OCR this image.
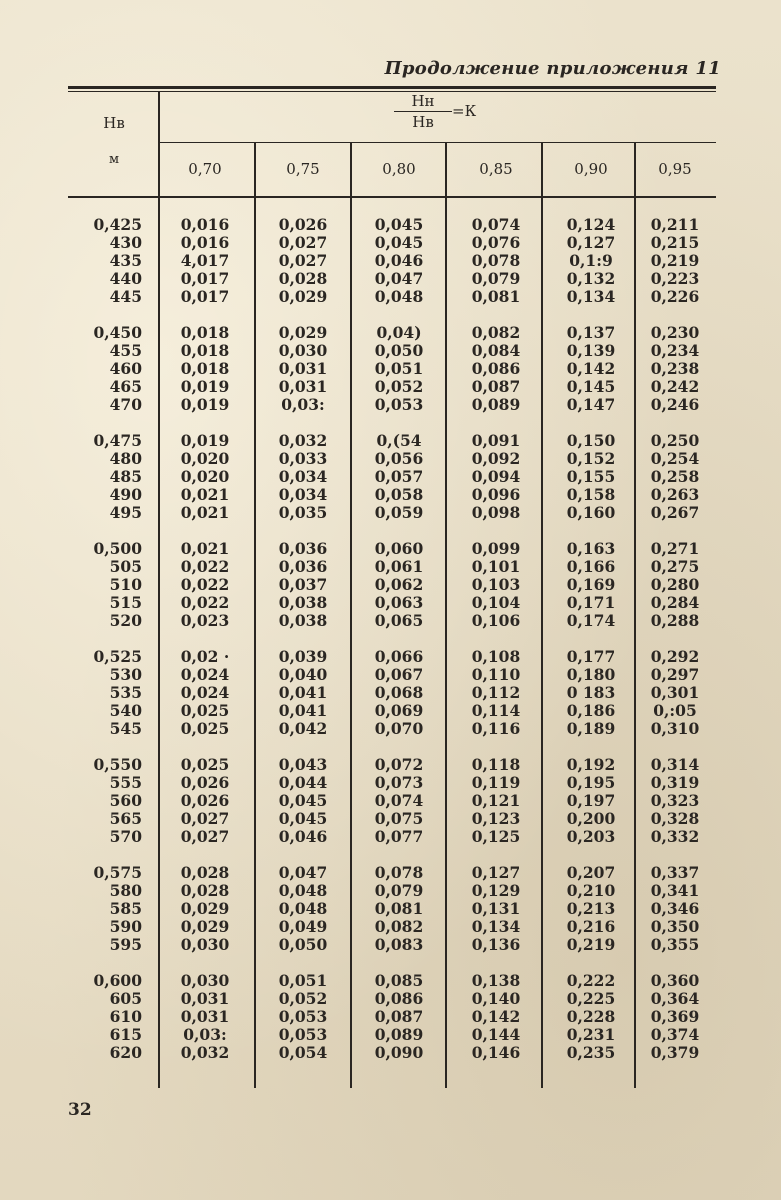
Продолжение приложения 11
Нв
м
Нн
Нв
=К
0,70	0,75	0,80	0,85	0,90	0,95
0,425	0,016	0,026	0,045	0,074	0,124	0,211
430	0,016	0,027	0,045	0,076	0,127	0,215
435	4,017	0,027	0,046	0,078	0,1:9	0,219
440	0,017	0,028	0,047	0,079	0,132	0,223
445	0,017	0,029	0,048	0,081	0,134	0,226
0,450	0,018	0,029	0,04)	0,082	0,137	0,230
455	0,018	0,030	0,050	0,084	0,139	0,234
460	0,018	0,031	0,051	0,086	0,142	0,238
465	0,019	0,031	0,052	0,087	0,145	0,242
470	0,019	0,03:	0,053	0,089	0,147	0,246
0,475	0,019	0,032	0,(54	0,091	0,150	0,250
480	0,020	0,033	0,056	0,092	0,152	0,254
485	0,020	0,034	0,057	0,094	0,155	0,258
490	0,021	0,034	0,058	0,096	0,158	0,263
495	0,021	0,035	0,059	0,098	0,160	0,267
0,500	0,021	0,036	0,060	0,099	0,163	0,271
505	0,022	0,036	0,061	0,101	0,166	0,275
510	0,022	0,037	0,062	0,103	0,169	0,280
515	0,022	0,038	0,063	0,104	0,171	0,284
520	0,023	0,038	0,065	0,106	0,174	0,288
0,525	0,02 ·	0,039	0,066	0,108	0,177	0,292
530	0,024	0,040	0,067	0,110	0,180	0,297
535	0,024	0,041	0,068	0,112	0 183	0,301
540	0,025	0,041	0,069	0,114	0,186	0,:05
545	0,025	0,042	0,070	0,116	0,189	0,310
0,550	0,025	0,043	0,072	0,118	0,192	0,314
555	0,026	0,044	0,073	0,119	0,195	0,319
560	0,026	0,045	0,074	0,121	0,197	0,323
565	0,027	0,045	0,075	0,123	0,200	0,328
570	0,027	0,046	0,077	0,125	0,203	0,332
0,575	0,028	0,047	0,078	0,127	0,207	0,337
580	0,028	0,048	0,079	0,129	0,210	0,341
585	0,029	0,048	0,081	0,131	0,213	0,346
590	0,029	0,049	0,082	0,134	0,216	0,350
595	0,030	0,050	0,083	0,136	0,219	0,355
0,600	0,030	0,051	0,085	0,138	0,222	0,360
605	0,031	0,052	0,086	0,140	0,225	0,364
610	0,031	0,053	0,087	0,142	0,228	0,369
615	0,03:	0,053	0,089	0,144	0,231	0,374
620	0,032	0,054	0,090	0,146	0,235	0,379
32
